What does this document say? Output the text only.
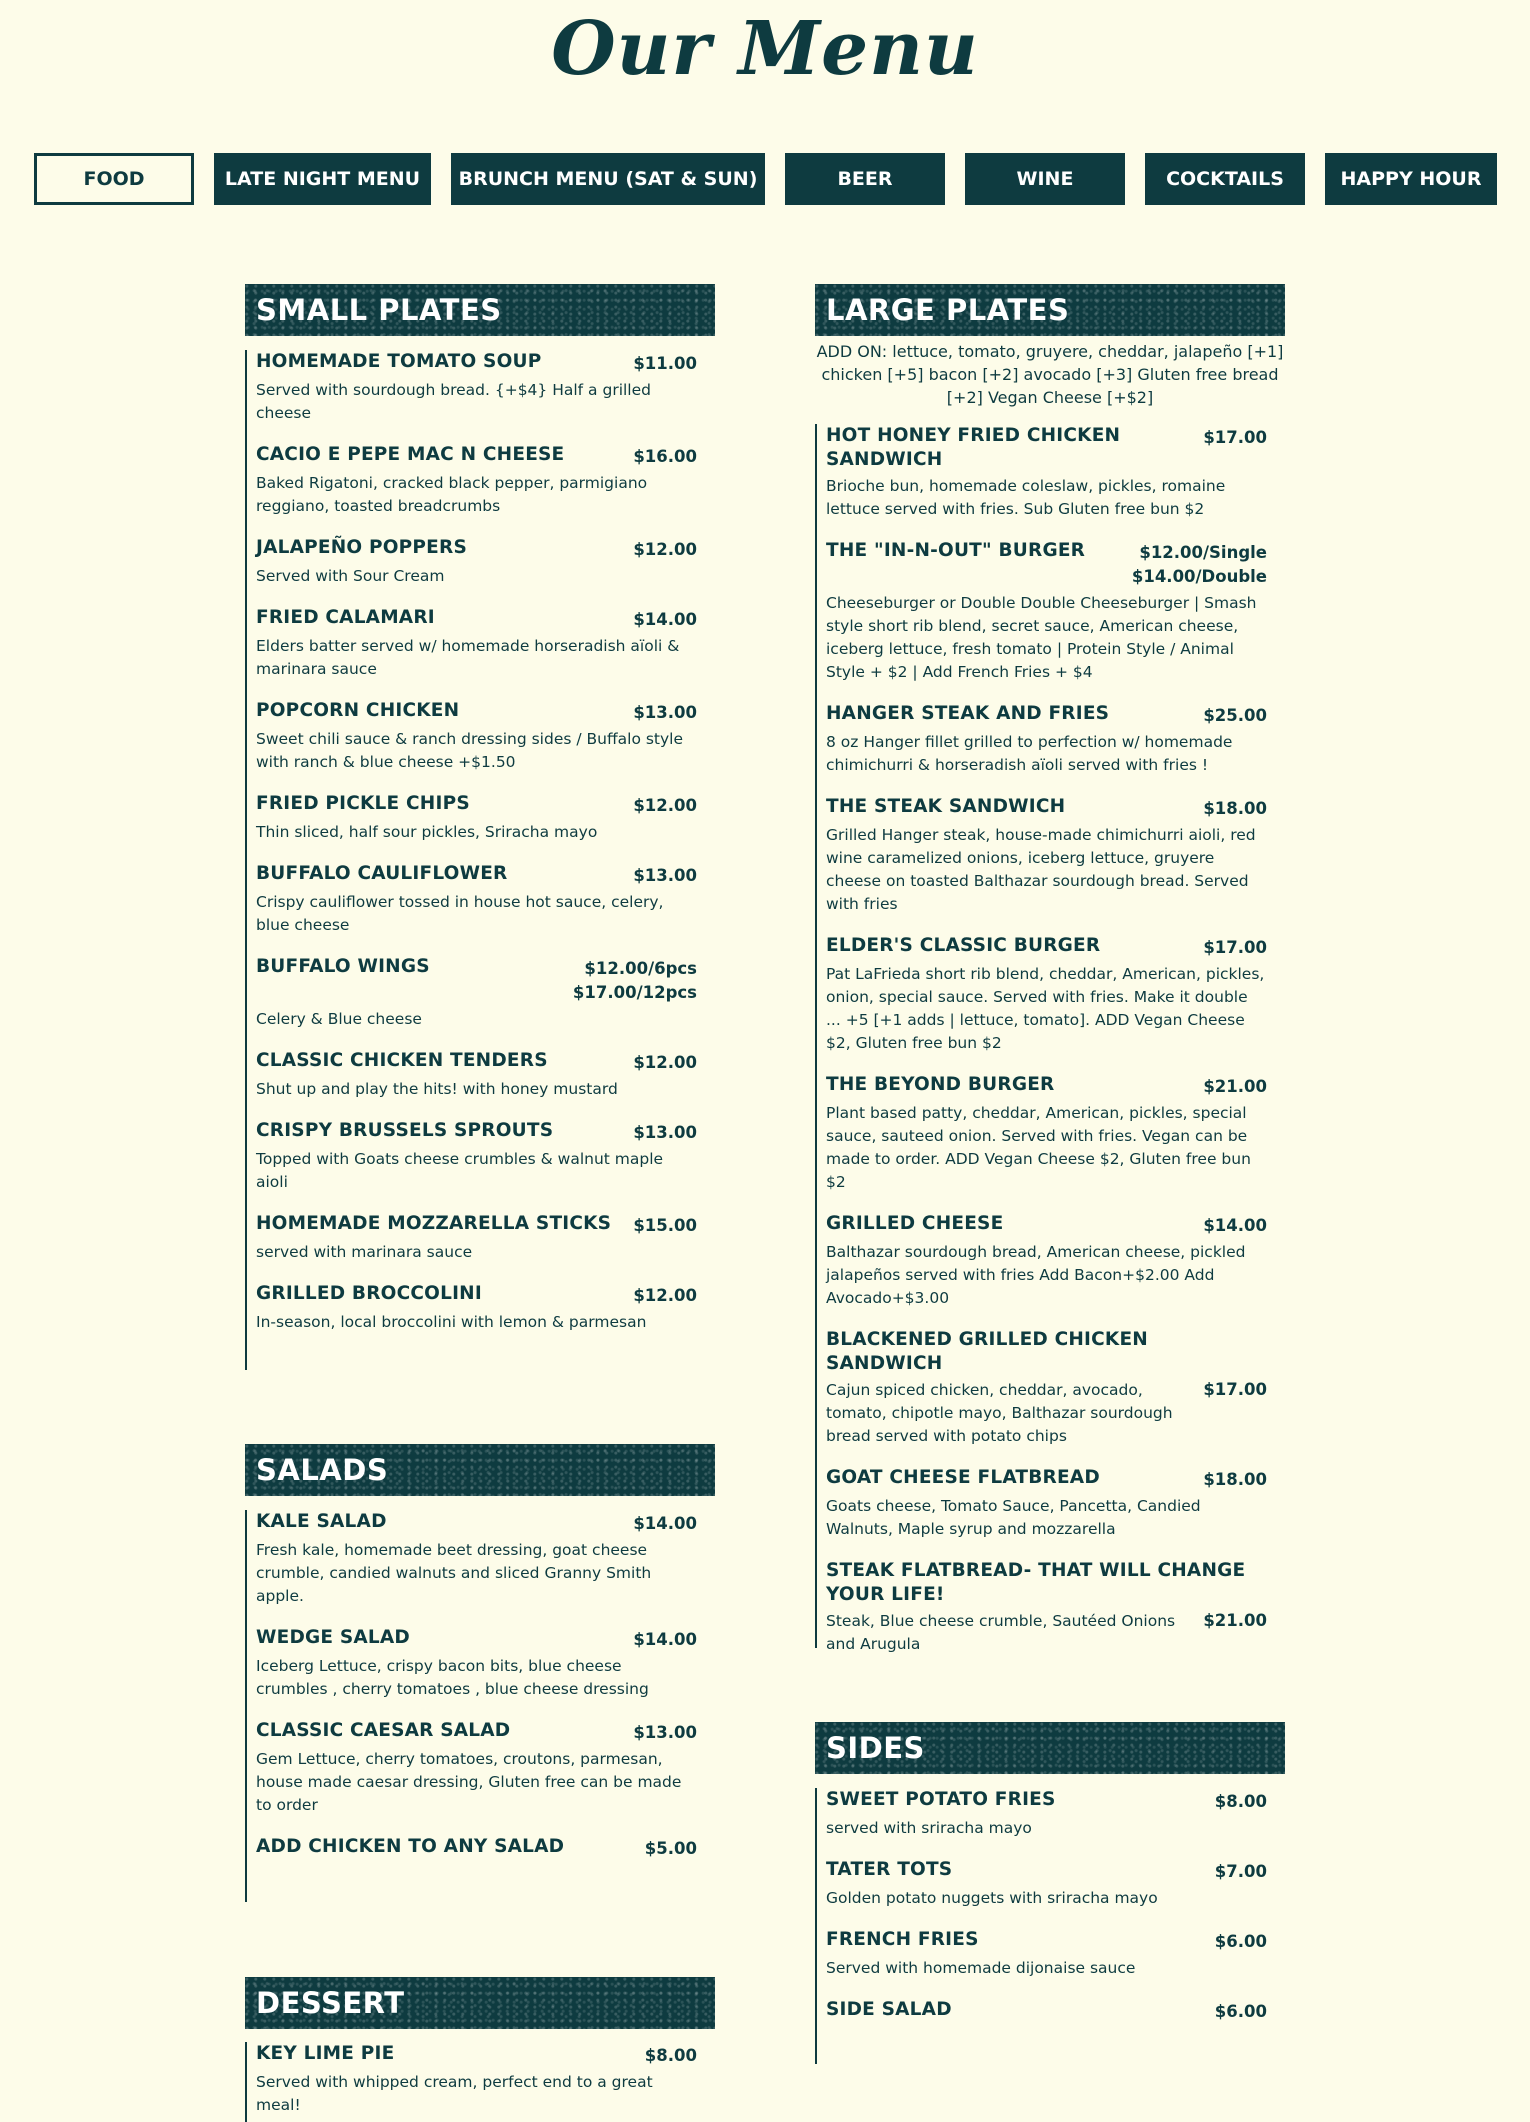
Our Menu
FOOD	LATE NIGHT MENU	BRUNCH MENU (SAT & SUN)	BEER	WINE	COCKTAILS	HAPPY HOUR
SMALL PLATES
HOMEMADE TOMATO SOUP	$11.00
Served with sourdough bread. {+$4} Half a grilled cheese
CACIO E PEPE MAC N CHEESE	$16.00
Baked Rigatoni, cracked black pepper, parmigiano reggiano, toasted breadcrumbs
JALAPEÑO POPPERS	$12.00
Served with Sour Cream
FRIED CALAMARI	$14.00
Elders batter served w/ homemade horseradish aïoli & marinara sauce
POPCORN CHICKEN	$13.00
Sweet chili sauce & ranch dressing sides / Buffalo style with ranch & blue cheese +$1.50
FRIED PICKLE CHIPS	$12.00
Thin sliced, half sour pickles, Sriracha mayo
BUFFALO CAULIFLOWER	$13.00
Crispy cauliflower tossed in house hot sauce, celery, blue cheese
BUFFALO WINGS	$12.00/6pcs
$17.00/12pcs
Celery & Blue cheese
CLASSIC CHICKEN TENDERS	$12.00
Shut up and play the hits! with honey mustard
CRISPY BRUSSELS SPROUTS	$13.00
Topped with Goats cheese crumbles & walnut maple aioli
HOMEMADE MOZZARELLA STICKS	$15.00
served with marinara sauce
GRILLED BROCCOLINI	$12.00
In-season, local broccolini with lemon & parmesan
SALADS
KALE SALAD	$14.00
Fresh kale, homemade beet dressing, goat cheese crumble, candied walnuts and sliced Granny Smith apple.
WEDGE SALAD	$14.00
Iceberg Lettuce, crispy bacon bits, blue cheese crumbles , cherry tomatoes , blue cheese dressing
CLASSIC CAESAR SALAD	$13.00
Gem Lettuce, cherry tomatoes, croutons, parmesan, house made caesar dressing, Gluten free can be made to order
ADD CHICKEN TO ANY SALAD	$5.00
DESSERT
KEY LIME PIE	$8.00
Served with whipped cream, perfect end to a great meal!
LARGE PLATES
ADD ON: lettuce, tomato, gruyere, cheddar, jalapeño [+1] chicken [+5] bacon [+2] avocado [+3] Gluten free bread [+2] Vegan Cheese [+$2]
HOT HONEY FRIED CHICKEN SANDWICH
$17.00
Brioche bun, homemade coleslaw, pickles, romaine lettuce served with fries. Sub Gluten free bun $2
THE "IN-N-OUT" BURGER	$12.00/Single
$14.00/Double
Cheeseburger or Double Double Cheeseburger | Smash style short rib blend, secret sauce, American cheese, iceberg lettuce, fresh tomato | Protein Style / Animal Style + $2 | Add French Fries + $4
HANGER STEAK AND FRIES	$25.00
8 oz Hanger fillet grilled to perfection w/ homemade chimichurri & horseradish aïoli served with fries !
THE STEAK SANDWICH	$18.00
Grilled Hanger steak, house-made chimichurri aioli, red wine caramelized onions, iceberg lettuce, gruyere cheese on toasted Balthazar sourdough bread. Served with fries
ELDER'S CLASSIC BURGER	$17.00
Pat LaFrieda short rib blend, cheddar, American, pickles, onion, special sauce. Served with fries. Make it double ... +5 [+1 adds | lettuce, tomato]. ADD Vegan Cheese $2, Gluten free bun $2
THE BEYOND BURGER	$21.00
Plant based patty, cheddar, American, pickles, special sauce, sauteed onion. Served with fries. Vegan can be made to order. ADD Vegan Cheese $2, Gluten free bun $2
GRILLED CHEESE	$14.00
Balthazar sourdough bread, American cheese, pickled jalapeños served with fries Add Bacon+$2.00 Add Avocado+$3.00
BLACKENED GRILLED CHICKEN SANDWICH
Cajun spiced chicken, cheddar, avocado, tomato, chipotle mayo, Balthazar sourdough bread served with potato chips
$17.00
GOAT CHEESE FLATBREAD	$18.00
Goats cheese, Tomato Sauce, Pancetta, Candied Walnuts, Maple syrup and mozzarella
STEAK FLATBREAD- THAT WILL CHANGE YOUR LIFE!
Steak, Blue cheese crumble, Sautéed Onions and Arugula
$21.00
SIDES
SWEET POTATO FRIES	$8.00
served with sriracha mayo
TATER TOTS	$7.00
Golden potato nuggets with sriracha mayo
FRENCH FRIES	$6.00
Served with homemade dijonaise sauce
SIDE SALAD	$6.00
